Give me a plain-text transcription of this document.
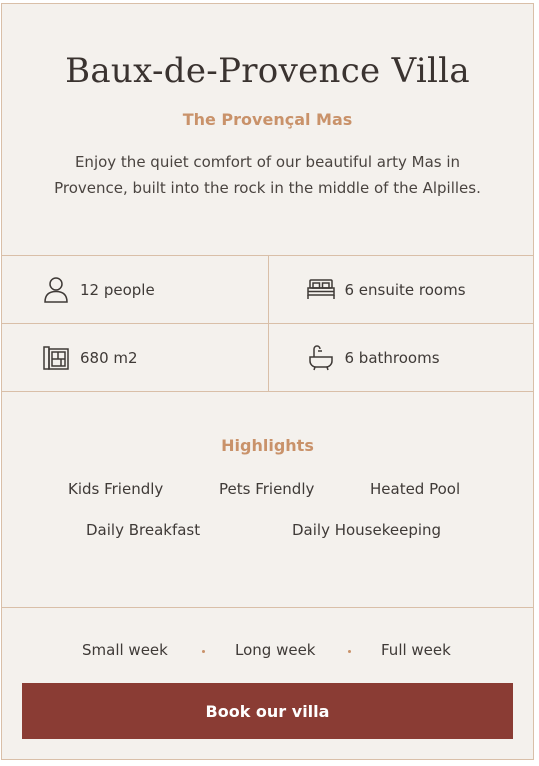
Baux-de-Provence Villa
The Provençal Mas

Enjoy the quiet comfort of our beautiful arty Mas in Provence, built into the rock in the middle of the Alpilles.

12 people	6 ensuite rooms
680 m2	6 bathrooms
Highlights
Kids Friendly	Pets Friendly	Heated Pool
Daily Breakfast	Daily Housekeeping
Small week	Long week	Full week
Book our villa
